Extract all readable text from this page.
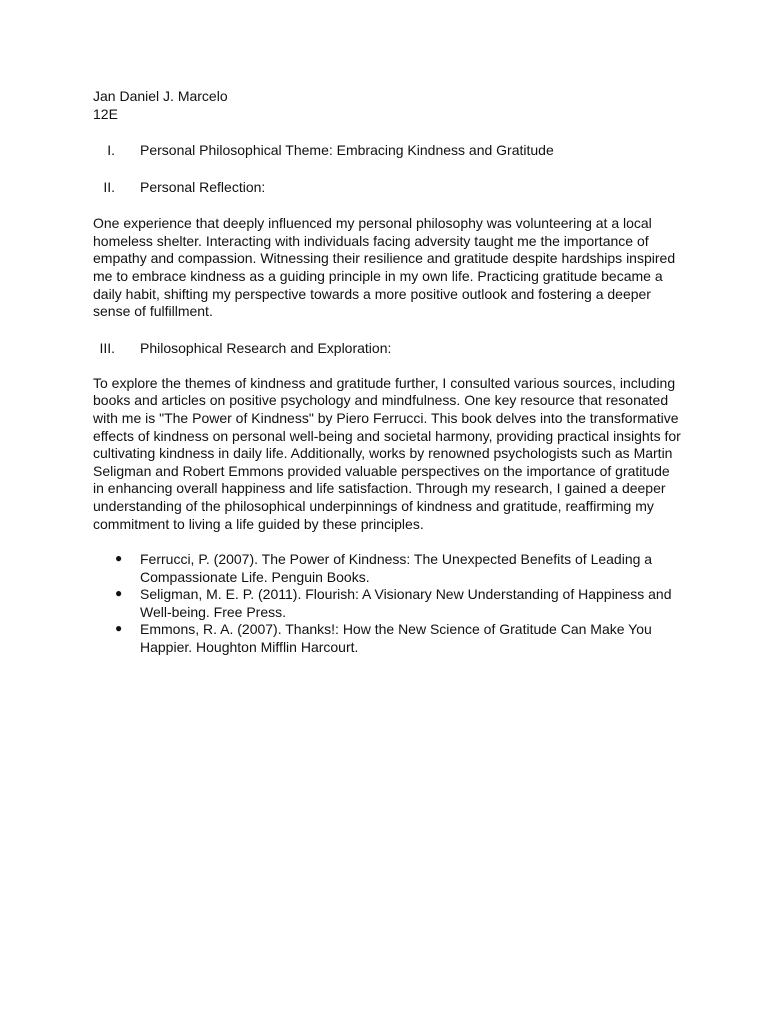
Jan Daniel J. Marcelo
12E
I. Personal Philosophical Theme: Embracing Kindness and Gratitude
II. Personal Reflection:
One experience that deeply influenced my personal philosophy was volunteering at a local homeless shelter. Interacting with individuals facing adversity taught me the importance of empathy and compassion. Witnessing their resilience and gratitude despite hardships inspired me to embrace kindness as a guiding principle in my own life. Practicing gratitude became a daily habit, shifting my perspective towards a more positive outlook and fostering a deeper sense of fulfillment.
III. Philosophical Research and Exploration:
To explore the themes of kindness and gratitude further, I consulted various sources, including books and articles on positive psychology and mindfulness. One key resource that resonated with me is "The Power of Kindness" by Piero Ferrucci. This book delves into the transformative effects of kindness on personal well-being and societal harmony, providing practical insights for cultivating kindness in daily life. Additionally, works by renowned psychologists such as Martin Seligman and Robert Emmons provided valuable perspectives on the importance of gratitude in enhancing overall happiness and life satisfaction. Through my research, I gained a deeper understanding of the philosophical underpinnings of kindness and gratitude, reaffirming my commitment to living a life guided by these principles.
● Ferrucci, P. (2007). The Power of Kindness: The Unexpected Benefits of Leading a Compassionate Life. Penguin Books.
● Seligman, M. E. P. (2011). Flourish: A Visionary New Understanding of Happiness and Well-being. Free Press.
● Emmons, R. A. (2007). Thanks!: How the New Science of Gratitude Can Make You Happier. Houghton Mifflin Harcourt.
